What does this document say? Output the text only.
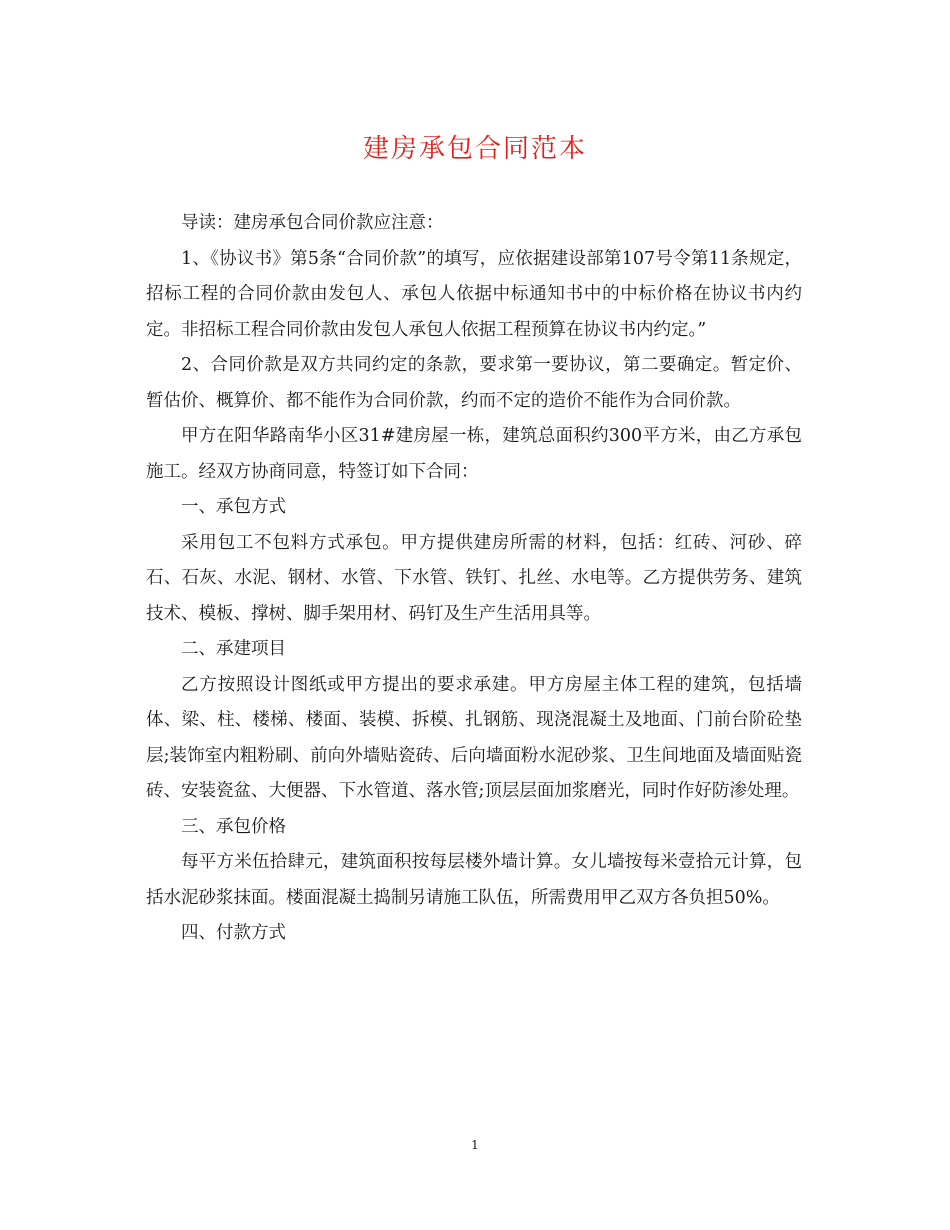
建房承包合同范本

导读：建房承包合同价款应注意：

1、《协议书》第5条“合同价款”的填写，应依据建设部第107号令第11条规定，招标工程的合同价款由发包人、承包人依据中标通知书中的中标价格在协议书内约定。非招标工程合同价款由发包人承包人依据工程预算在协议书内约定。”

2、合同价款是双方共同约定的条款，要求第一要协议，第二要确定。暂定价、暂估价、概算价、都不能作为合同价款，约而不定的造价不能作为合同价款。

甲方在阳华路南华小区31#建房屋一栋，建筑总面积约300平方米，由乙方承包施工。经双方协商同意，特签订如下合同：

一、承包方式

采用包工不包料方式承包。甲方提供建房所需的材料，包括：红砖、河砂、碎石、石灰、水泥、钢材、水管、下水管、铁钉、扎丝、水电等。乙方提供劳务、建筑技术、模板、撑树、脚手架用材、码钉及生产生活用具等。

二、承建项目

乙方按照设计图纸或甲方提出的要求承建。甲方房屋主体工程的建筑，包括墙体、梁、柱、楼梯、楼面、装模、拆模、扎钢筋、现浇混凝土及地面、门前台阶砼垫层;装饰室内粗粉刷、前向外墙贴瓷砖、后向墙面粉水泥砂浆、卫生间地面及墙面贴瓷砖、安装瓷盆、大便器、下水管道、落水管;顶层层面加浆磨光，同时作好防渗处理。

三、承包价格

每平方米伍拾肆元，建筑面积按每层楼外墙计算。女儿墙按每米壹拾元计算，包括水泥砂浆抹面。楼面混凝土捣制另请施工队伍，所需费用甲乙双方各负担50%。

四、付款方式

1
